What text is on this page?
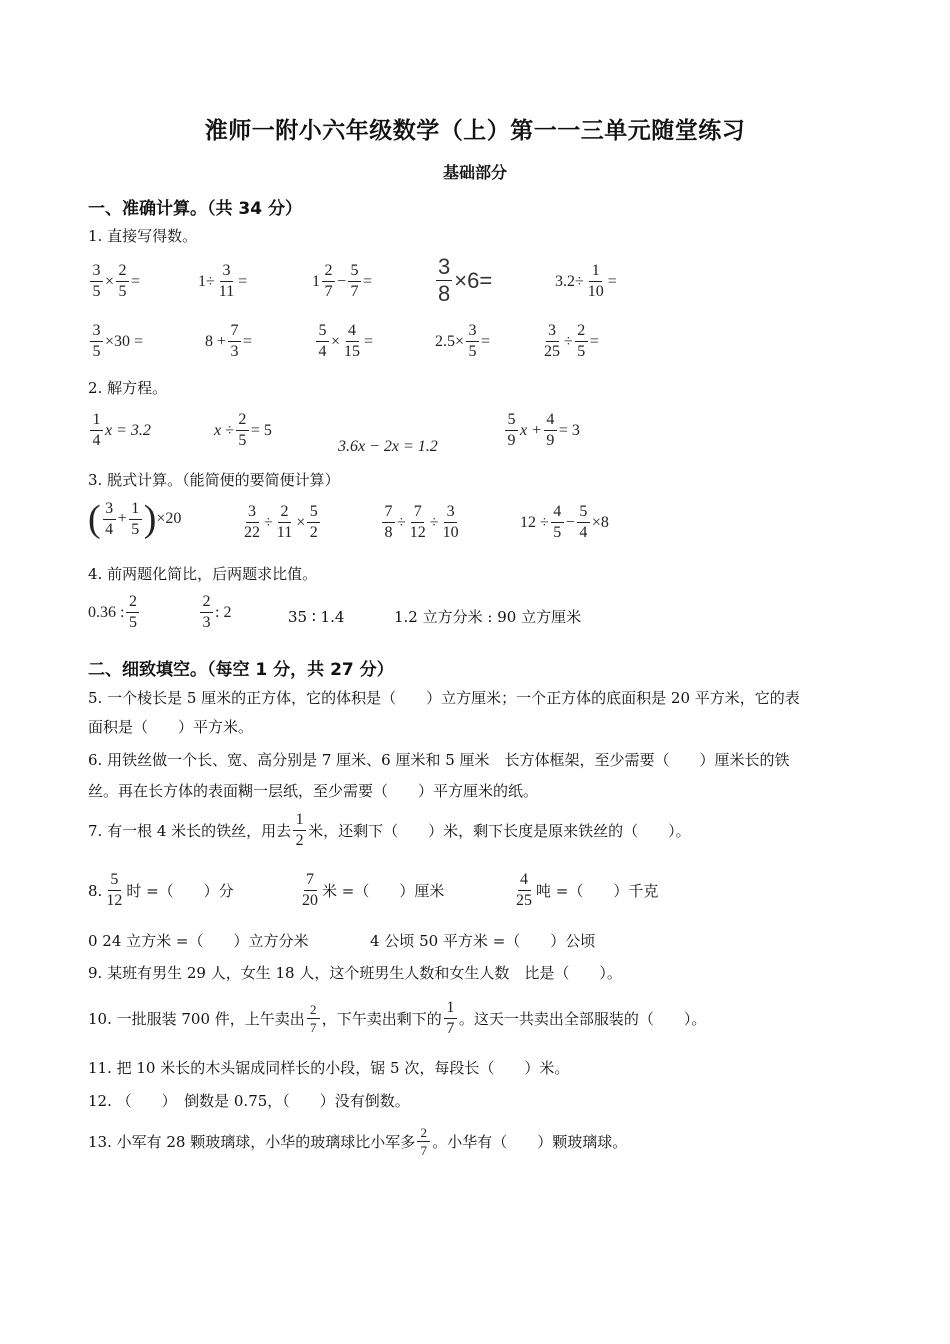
淮师一附小六年级数学（上）第一一三单元随堂练习
基础部分
一、准确计算。（共 34 分）
1. 直接写得数。
$\frac{3}{5} \times \frac{2}{5}$ =	$1 \div \frac{3}{11}$ =	$1 \frac{2}{7} - \frac{5}{7}$ =	$\frac{3}{8} \times 6$ =	$3.2 \div \frac{1}{10}$ =
$\frac{3}{5} \times 30$ =	$8 + \frac{7}{3}$ =	$\frac{5}{4} \times \frac{4}{15}$ =	$2.5\times \frac{3}{5}$ =	$\frac{3}{25} \div \frac{2}{5}$ =
2. 解方程。
$\frac{1}{4}$ x = 3.2	$x \div \frac{2}{5} = 5$
3.6x − 2x = 1.2	$\frac{5}{9}$ $x + \frac{4}{9} = 3$
3. 脱式计算。（能简便的要简便计算）
( $\frac{3}{4} + \frac{1}{5}$ ) ×20	$\frac{3}{22} \div \frac{2}{11} \times \frac{5}{2}$	$\frac{7}{8} \div \frac{7}{12} \div \frac{3}{10}$	$12 \div \frac{4}{5} - \frac{5}{4} \times 8$
4. 前两题化简比，后两题求比值。
0.36 : $\frac{2}{5}$	$\frac{2}{3}$ : 2	35 ∶ 1.4	1.2 立方分米 : 90 立方厘米
二、细致填空。（每空 1 分，共 27 分）
5. 一个棱长是 5 厘米的正方体，它的体积是（　　）立方厘米；一个正方体的底面积是 20 平方米，它的表
面积是（　　）平方米。
6. 用铁丝做一个长、宽、高分别是 7 厘米、6 厘米和 5 厘米　长方体框架，至少需要（　　）厘米长的铁
丝。再在长方体的表面糊一层纸，至少需要（　　）平方厘米的纸。
7. 有一根 4 米长的铁丝，用去 $\frac{1}{2}$ 米，还剩下（　　）米，剩下长度是原来铁丝的（　　）。
8. $\frac{5}{12}$ 时 =（　　）分	$\frac{7}{20}$ 米 =（　　）厘米	$\frac{4}{25}$ 吨 =（　　）千克
0 24 立方米 =（　　）立方分米	4 公顷 50 平方米 =（　　）公顷
9. 某班有男生 29 人，女生 18 人，这个班男生人数和女生人数　比是（　　）。
10. 一批服装 700 件，上午卖出 $\frac{2}{7}$ ，下午卖出剩下的 $\frac{1}{7}$ 。这天一共卖出全部服装的（　　）。
11. 把 10 米长的木头锯成同样长的小段，锯 5 次，每段长（　　）米。
12. （　　）　倒数是 0.75，（　　）没有倒数。
13. 小军有 28 颗玻璃球，小华的玻璃球比小军多 $\frac{2}{7}$ 。小华有（　　）颗玻璃球。
